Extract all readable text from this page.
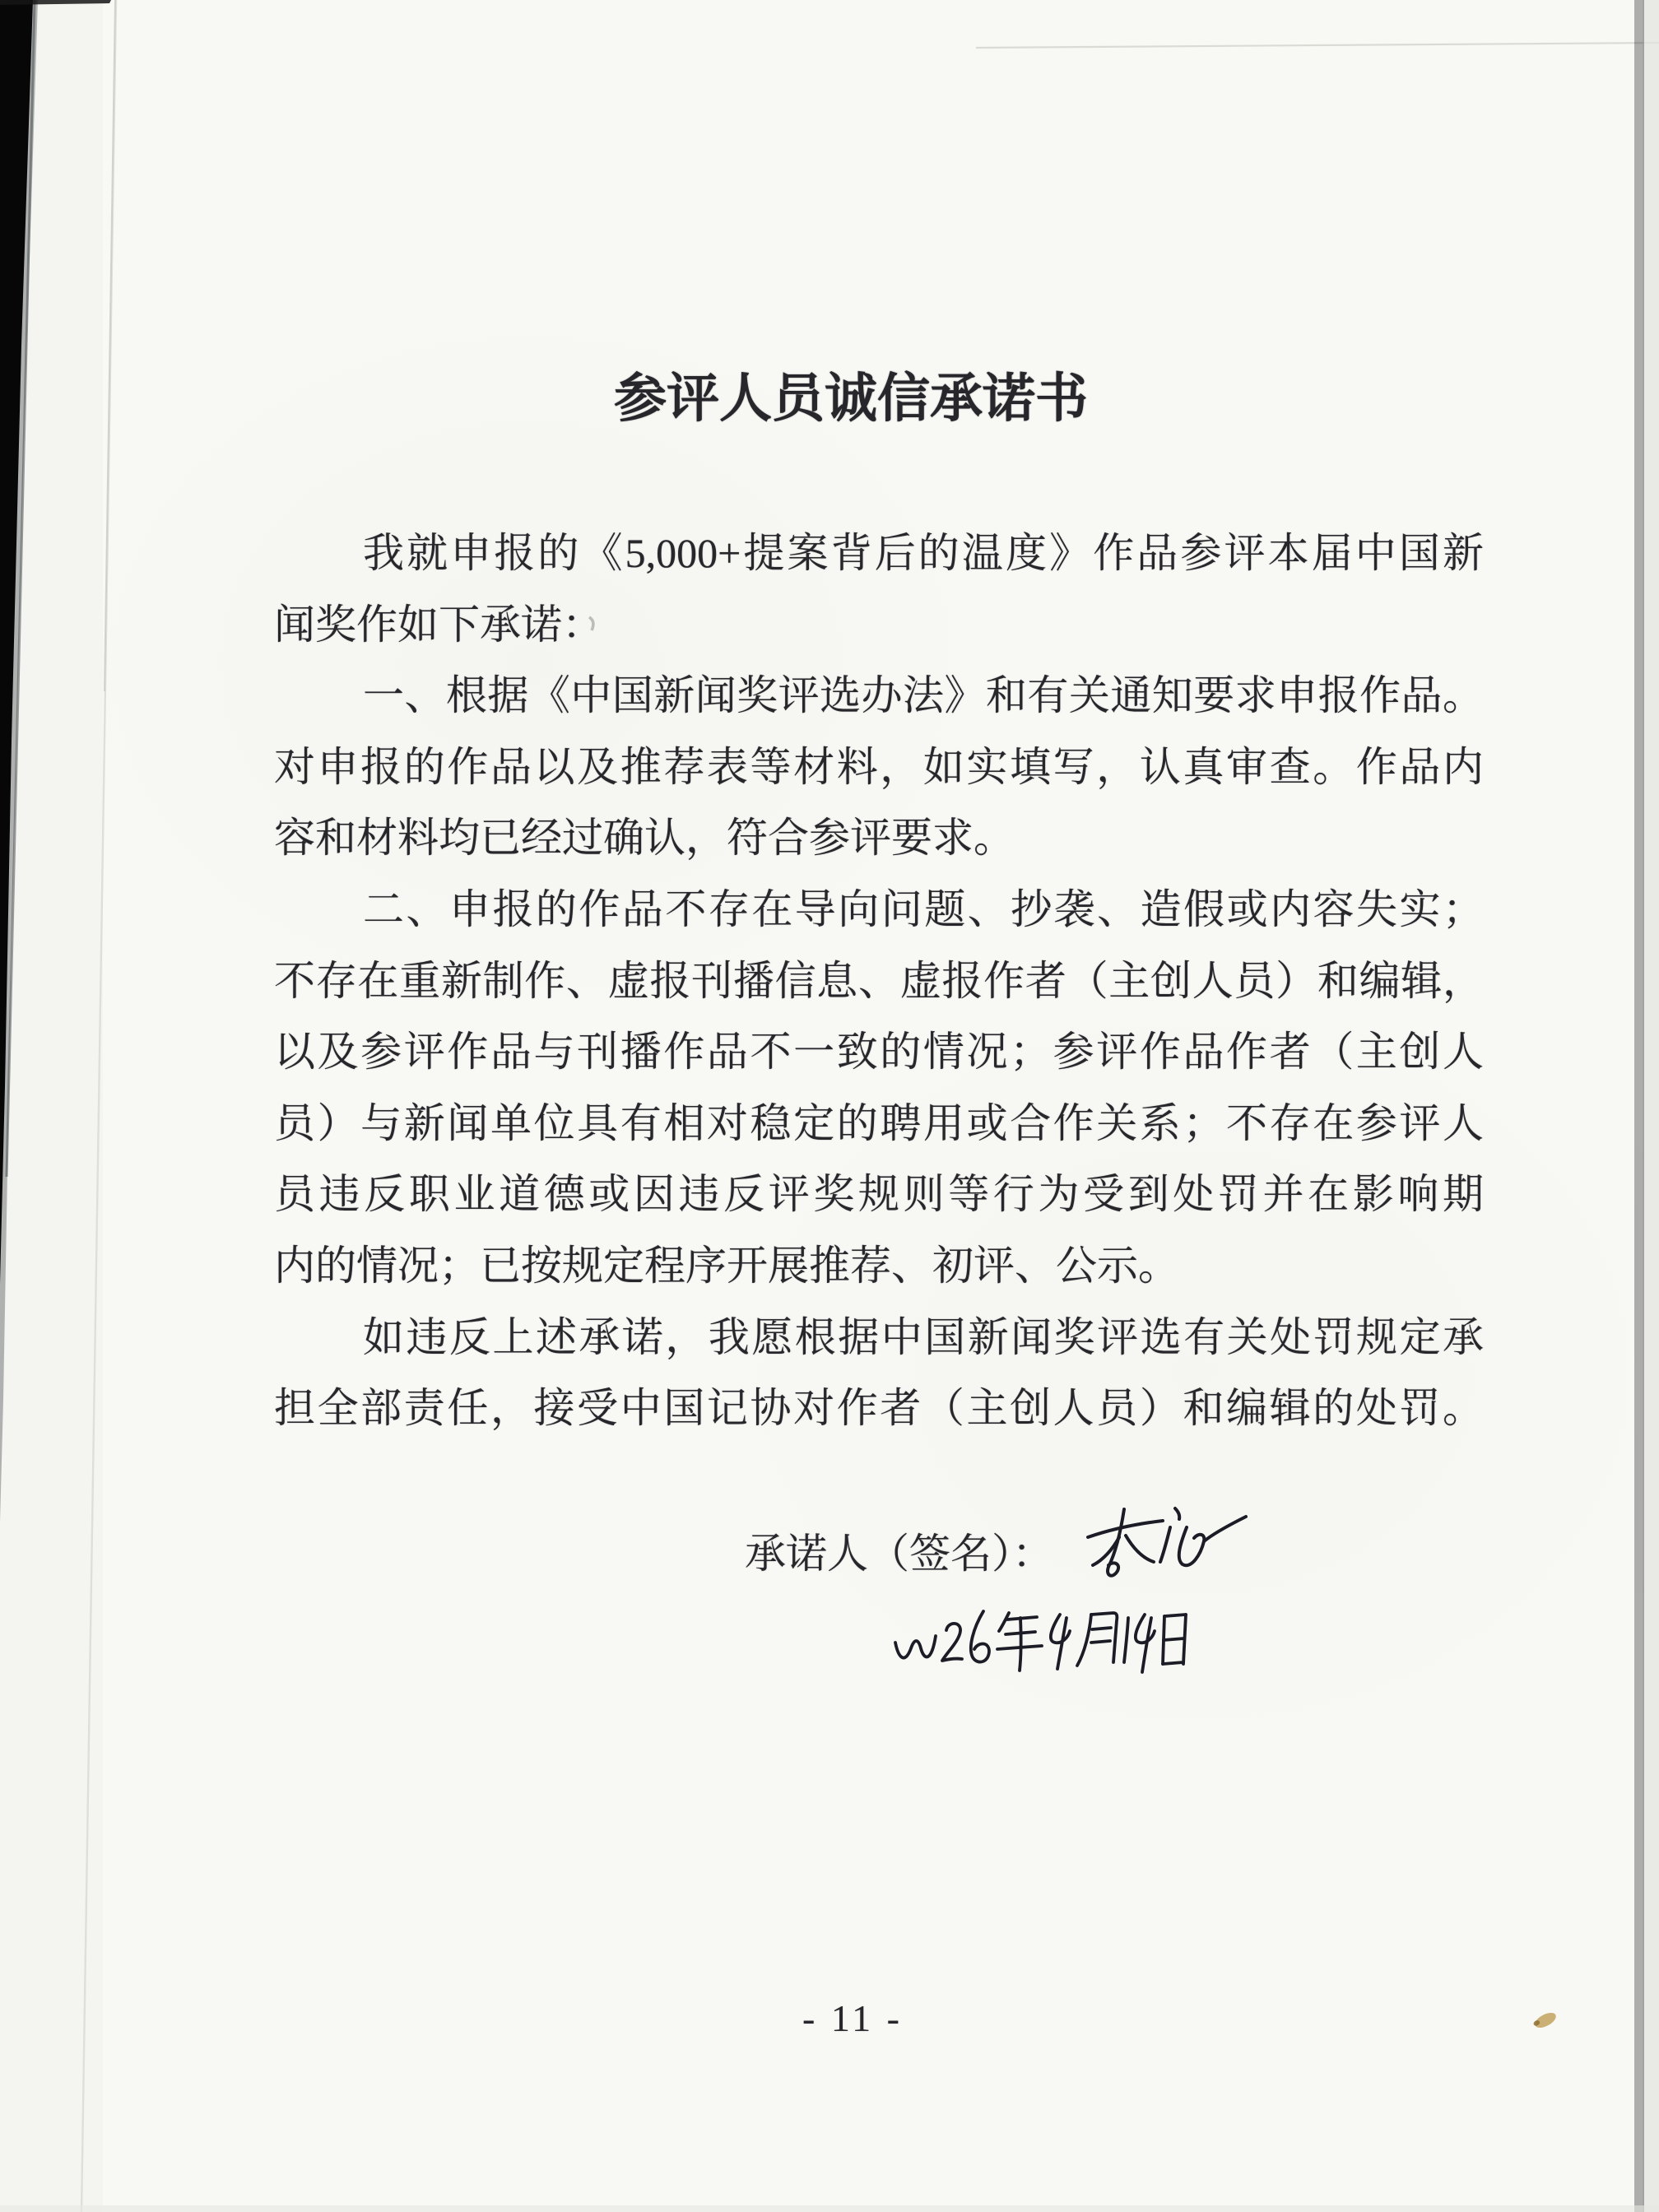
参评人员诚信承诺书
我就申报的《5,000+提案背后的温度》作品参评本届中国新
闻奖作如下承诺：
一、根据《中国新闻奖评选办法》和有关通知要求申报作品。
对申报的作品以及推荐表等材料，如实填写，认真审查。作品内
容和材料均已经过确认，符合参评要求。
二、申报的作品不存在导向问题、抄袭、造假或内容失实；
不存在重新制作、虚报刊播信息、虚报作者（主创人员）和编辑，
以及参评作品与刊播作品不一致的情况；参评作品作者（主创人
员）与新闻单位具有相对稳定的聘用或合作关系；不存在参评人
员违反职业道德或因违反评奖规则等行为受到处罚并在影响期
内的情况；已按规定程序开展推荐、初评、公示。
如违反上述承诺，我愿根据中国新闻奖评选有关处罚规定承
担全部责任，接受中国记协对作者（主创人员）和编辑的处罚。
承诺人（签名）：
- 11 -
